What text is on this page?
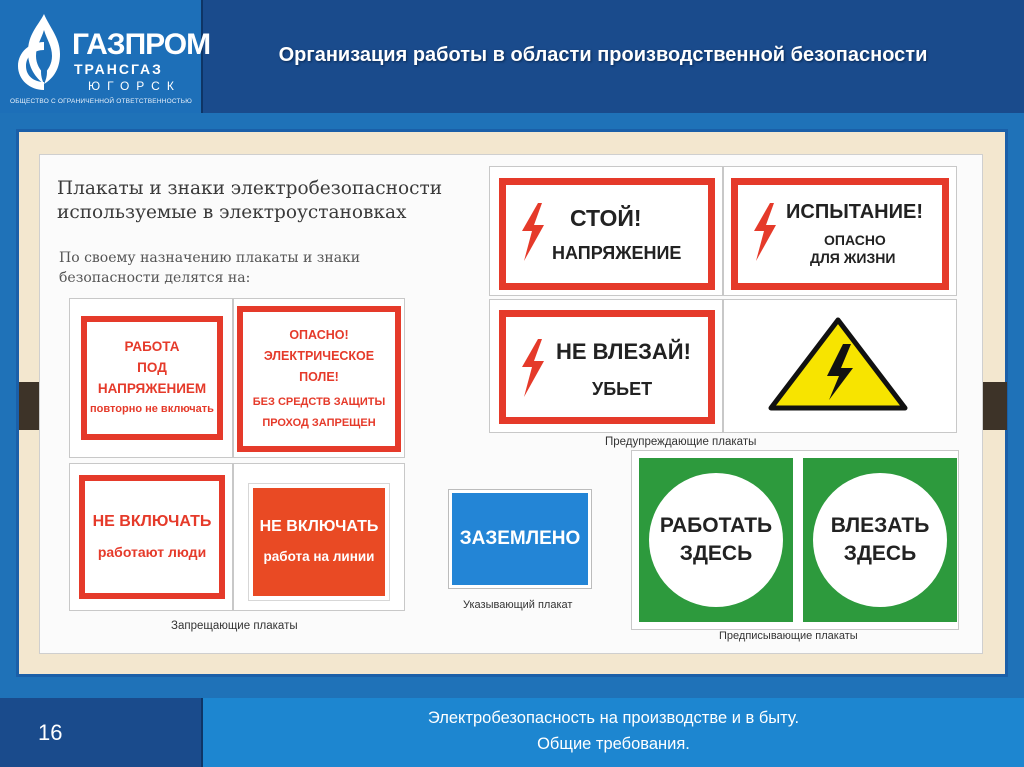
ГАЗПРОМ
ТРАНСГАЗ
ЮГОРСК
ОБЩЕСТВО С ОГРАНИЧЕННОЙ ОТВЕТСТВЕННОСТЬЮ
Организация работы в области производственной безопасности
Плакаты и знаки электробезопасности
используемые в электроустановках
По своему назначению плакаты и знаки безопасности делятся на:
РАБОТА
ПОД НАПРЯЖЕНИЕМ
повторно не включать
ОПАСНО!
ЭЛЕКТРИЧЕСКОЕ ПОЛЕ!
БЕЗ СРЕДСТВ ЗАЩИТЫ
ПРОХОД ЗАПРЕЩЕН
НЕ ВКЛЮЧАТЬ
работают люди
НЕ ВКЛЮЧАТЬ
работа на линии
Запрещающие плакаты
СТОЙ!
НАПРЯЖЕНИЕ
ИСПЫТАНИЕ!
ОПАСНО
ДЛЯ ЖИЗНИ
НЕ ВЛЕЗАЙ!
УБЬЕТ
Предупреждающие плакаты
ЗАЗЕМЛЕНО
Указывающий плакат
РАБОТАТЬ
ЗДЕСЬ
ВЛЕЗАТЬ
ЗДЕСЬ
Предписывающие плакаты
16
Электробезопасность на производстве и в быту.
Общие требования.
